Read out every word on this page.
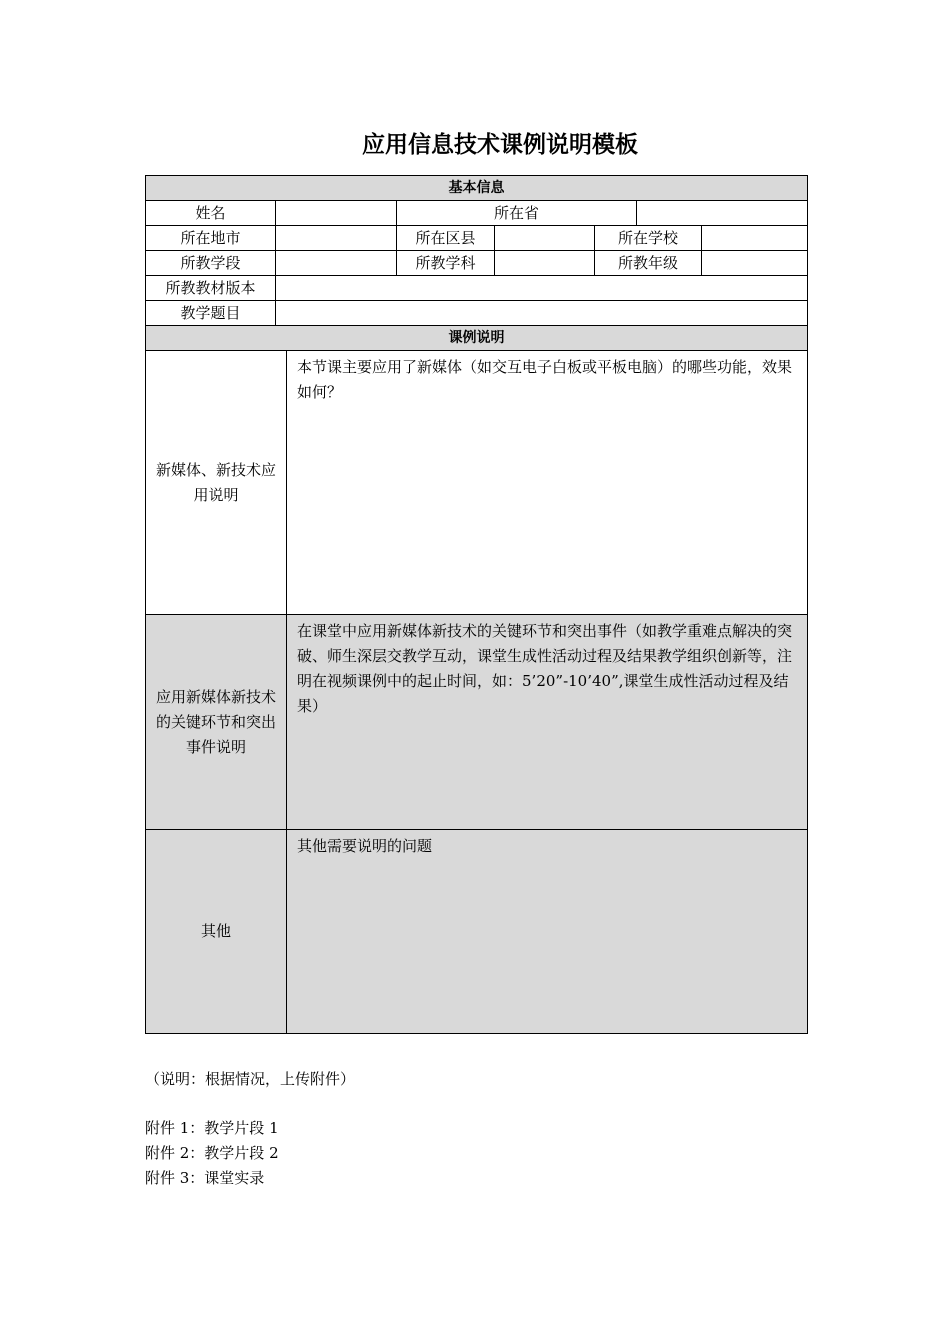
应用信息技术课例说明模板
基本信息							
姓名			所在省				
所在地市			所在区县		所在学校		
所教学段			所教学科		所教年级		
所教教材版本							
教学题目							
课例说明							

新媒体、新技术应用说明		本节课主要应用了新媒体（如交互电子白板或平板电脑）的哪些功能，效果如何？					

应用新媒体新技术的关键环节和突出事件说明		在课堂中应用新媒体新技术的关键环节和突出事件（如教学重难点解决的突破、师生深层交教学互动，课堂生成性活动过程及结果教学组织创新等，注明在视频课例中的起止时间，如：5’20”-10’40”,课堂生成性活动过程及结果）					
其他		其他需要说明的问题					
（说明：根据情况，上传附件）
附件 1：教学片段 1
附件 2：教学片段 2
附件 3：课堂实录
